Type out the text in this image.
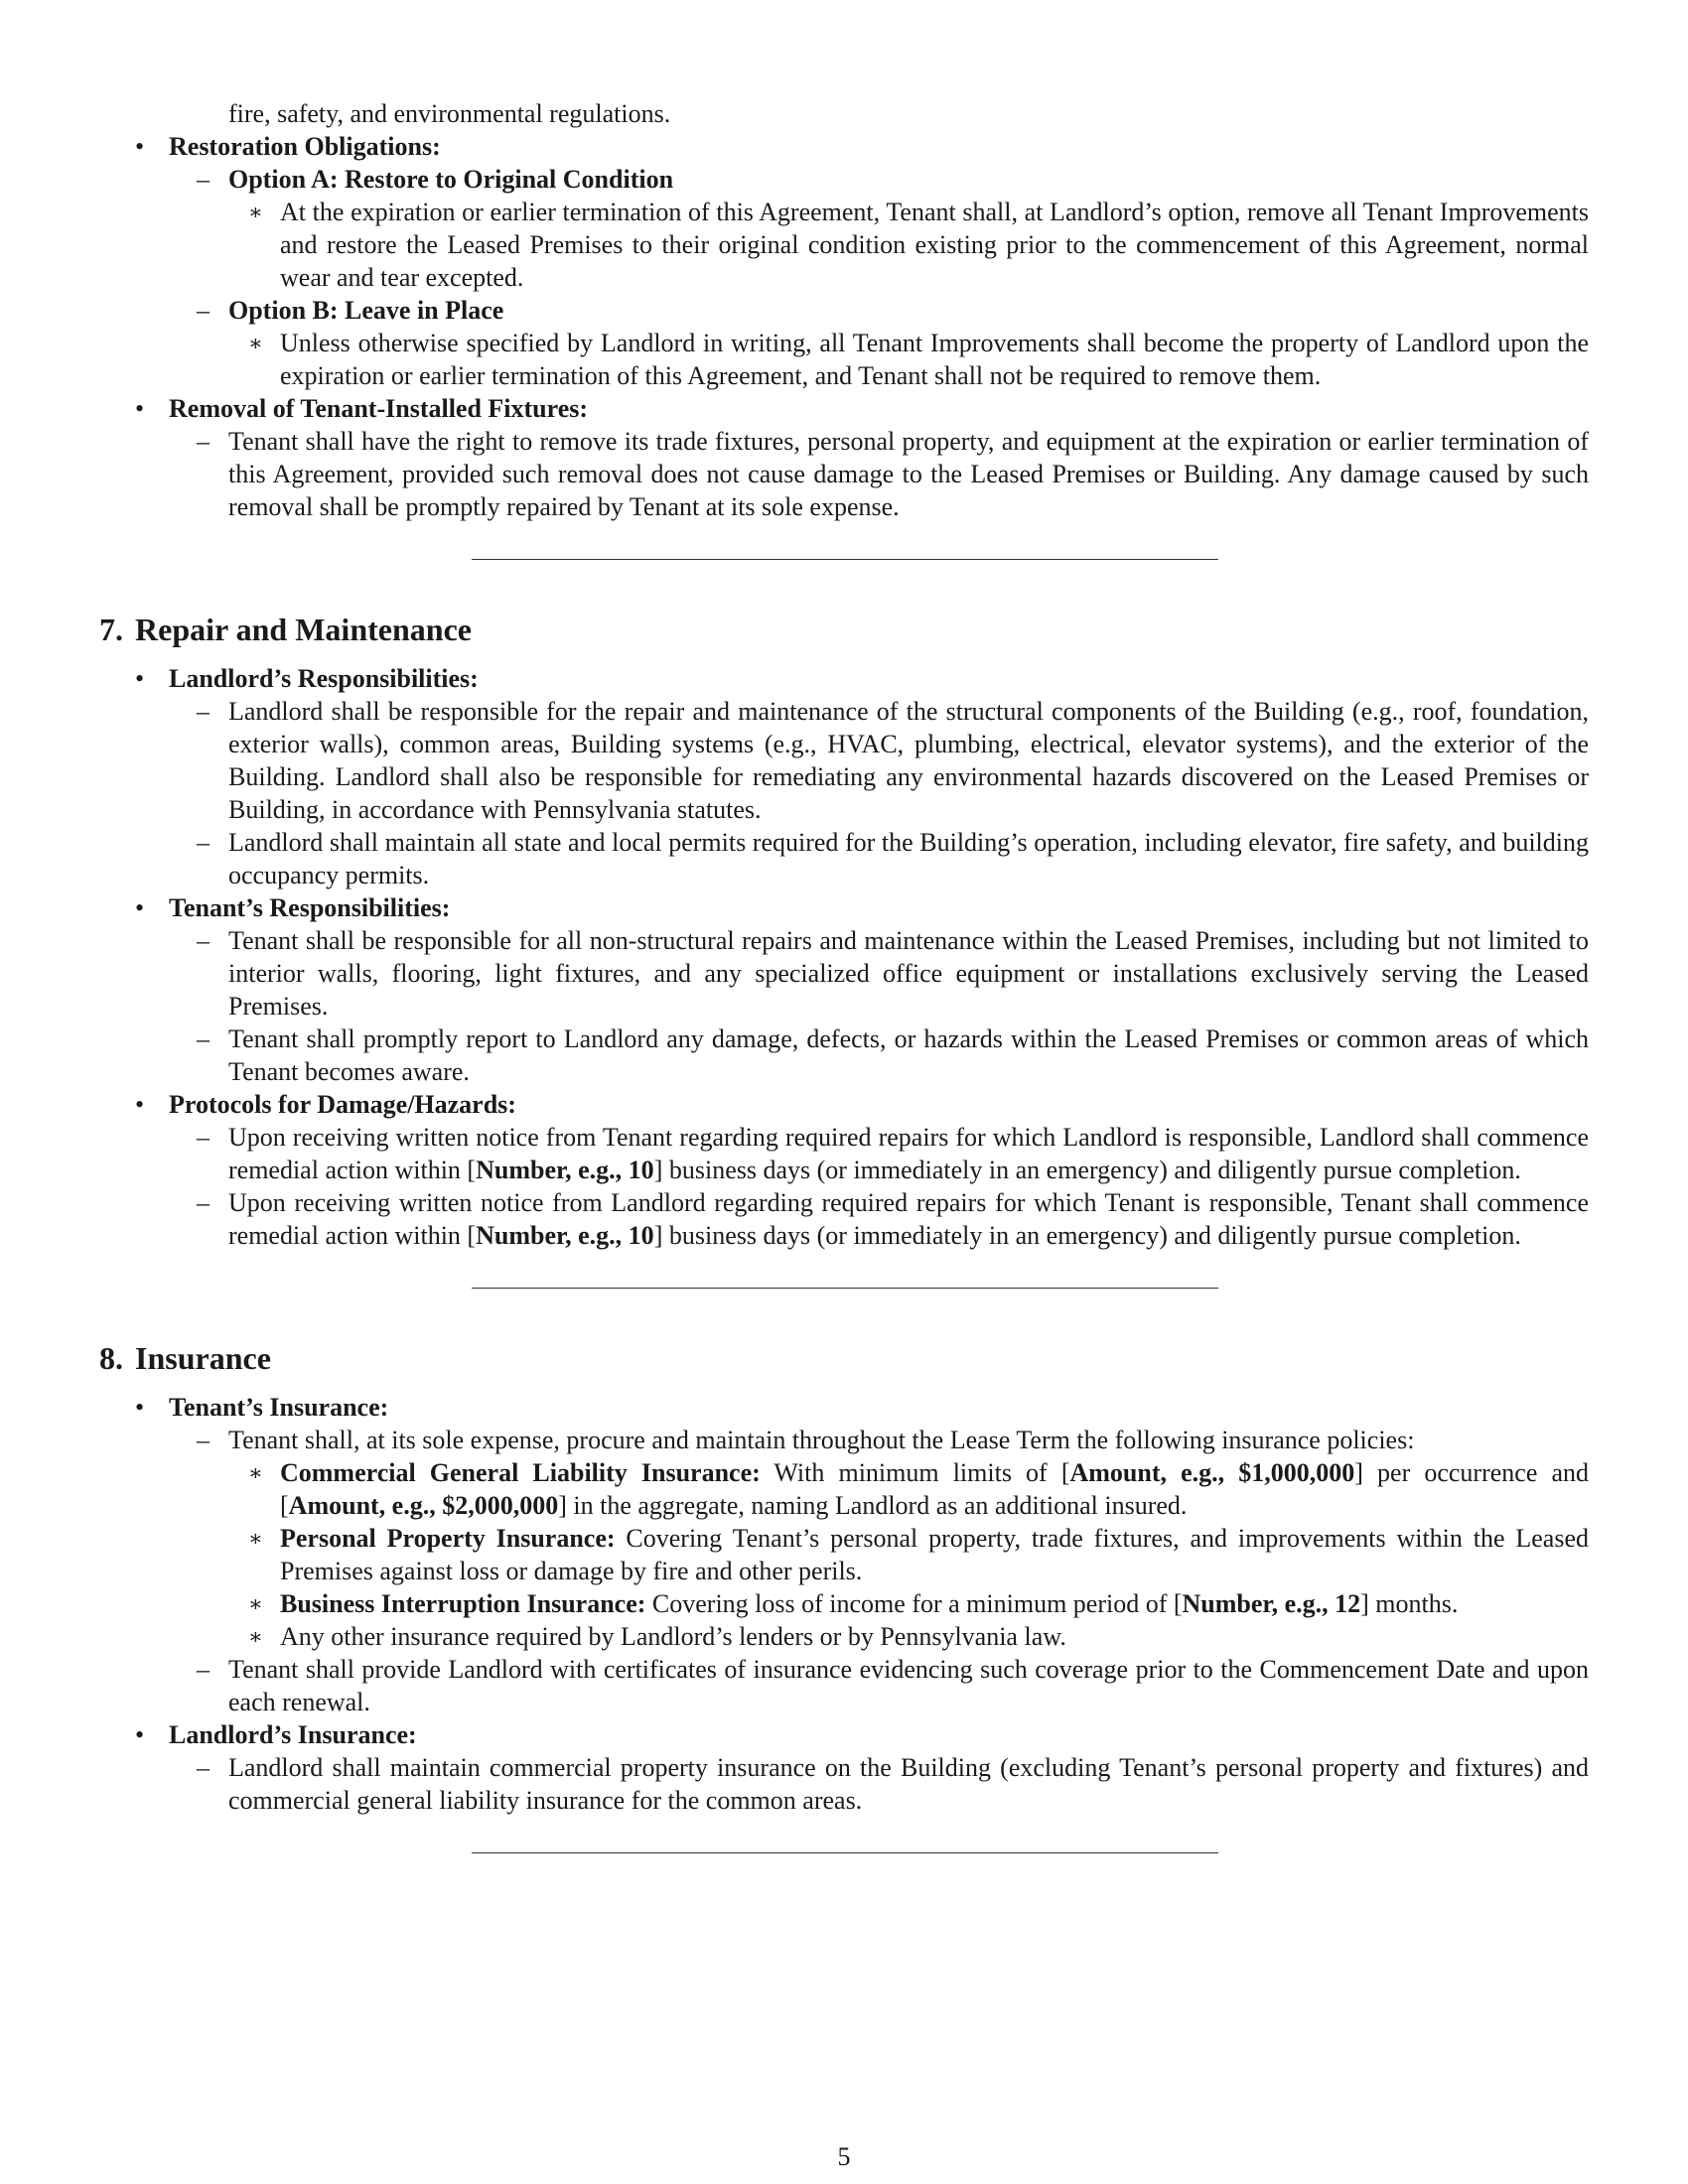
fire, safety, and environmental regulations.
• Restoration Obligations:
– Option A: Restore to Original Condition
∗ At the expiration or earlier termination of this Agreement, Tenant shall, at Landlord’s option, remove all Tenant Improvements and restore the Leased Premises to their original condition existing prior to the commencement of this Agreement, normal wear and tear excepted.
– Option B: Leave in Place
∗ Unless otherwise specified by Landlord in writing, all Tenant Improvements shall become the property of Landlord upon the expiration or earlier termination of this Agreement, and Tenant shall not be required to remove them.
• Removal of Tenant-Installed Fixtures:
– Tenant shall have the right to remove its trade fixtures, personal property, and equipment at the expiration or earlier termination of this Agreement, provided such removal does not cause damage to the Leased Premises or Building. Any damage caused by such removal shall be promptly repaired by Tenant at its sole expense.
7. Repair and Maintenance
• Landlord’s Responsibilities:
– Landlord shall be responsible for the repair and maintenance of the structural components of the Building (e.g., roof, foundation, exterior walls), common areas, Building systems (e.g., HVAC, plumbing, electrical, elevator systems), and the exterior of the Building. Landlord shall also be responsible for remediating any environmental hazards discovered on the Leased Premises or Building, in accordance with Pennsylvania statutes.
– Landlord shall maintain all state and local permits required for the Building’s operation, including elevator, fire safety, and building occupancy permits.
• Tenant’s Responsibilities:
– Tenant shall be responsible for all non-structural repairs and maintenance within the Leased Premises, including but not limited to interior walls, flooring, light fixtures, and any specialized office equipment or installations exclusively serving the Leased Premises.
– Tenant shall promptly report to Landlord any damage, defects, or hazards within the Leased Premises or common areas of which Tenant becomes aware.
• Protocols for Damage/Hazards:
– Upon receiving written notice from Tenant regarding required repairs for which Landlord is responsible, Landlord shall commence remedial action within [Number, e.g., 10] business days (or immediately in an emergency) and diligently pursue completion.
– Upon receiving written notice from Landlord regarding required repairs for which Tenant is responsible, Tenant shall commence remedial action within [Number, e.g., 10] business days (or immediately in an emergency) and diligently pursue completion.
8. Insurance
• Tenant’s Insurance:
– Tenant shall, at its sole expense, procure and maintain throughout the Lease Term the following insurance policies:
∗ Commercial General Liability Insurance: With minimum limits of [Amount, e.g., $1,000,000] per occurrence and [Amount, e.g., $2,000,000] in the aggregate, naming Landlord as an additional insured.
∗ Personal Property Insurance: Covering Tenant’s personal property, trade fixtures, and improvements within the Leased Premises against loss or damage by fire and other perils.
∗ Business Interruption Insurance: Covering loss of income for a minimum period of [Number, e.g., 12] months.
∗ Any other insurance required by Landlord’s lenders or by Pennsylvania law.
– Tenant shall provide Landlord with certificates of insurance evidencing such coverage prior to the Commencement Date and upon each renewal.
• Landlord’s Insurance:
– Landlord shall maintain commercial property insurance on the Building (excluding Tenant’s personal property and fixtures) and commercial general liability insurance for the common areas.
5
